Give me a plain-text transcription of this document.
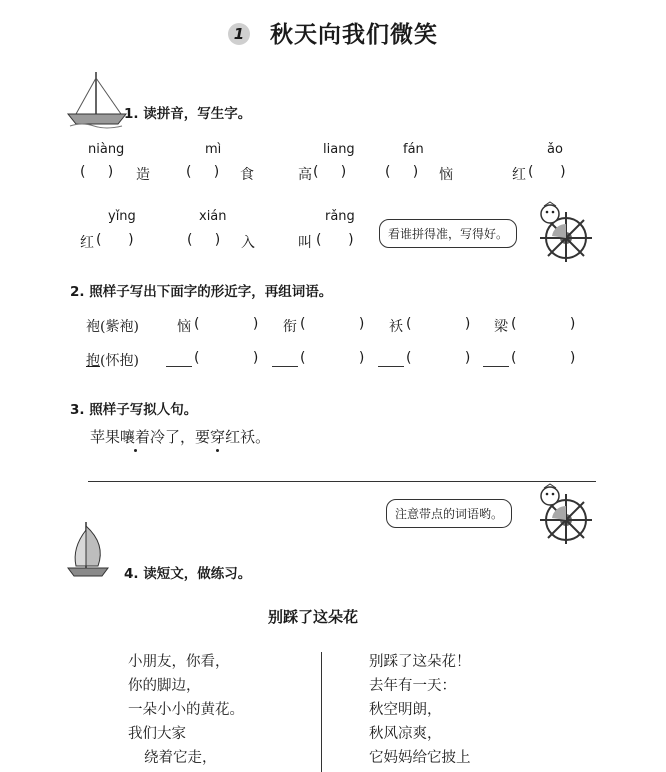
1 秋天向我们微笑
1. 读拼音，写生字。
niàng	mì	liang	fán	ǎo
(     ) 造	(     ) 食	高 (     )	(     ) 恼	红 (      )
yǐng	xián	rǎng
红 (      )	(     ) 入	叫 (      )	看谁拼得准，写得好。
2. 照样子写出下面字的形近字，再组词语。
袍(紫袍)	恼 (            ) 衔 (            ) 袄 (            ) 梁 (            )
抱(怀抱)	(            )	(            )	(            )	(            )
3. 照样子写拟人句。
苹果嚷着冷了，要穿红袄。
注意带点的词语哟。
4. 读短文，做练习。
别踩了这朵花
小朋友，你看，
你的脚边，
一朵小小的黄花。
我们大家
绕着它走，
别踩了这朵花！
去年有一天：
秋空明朗，
秋风凉爽，
它妈妈给它披上
